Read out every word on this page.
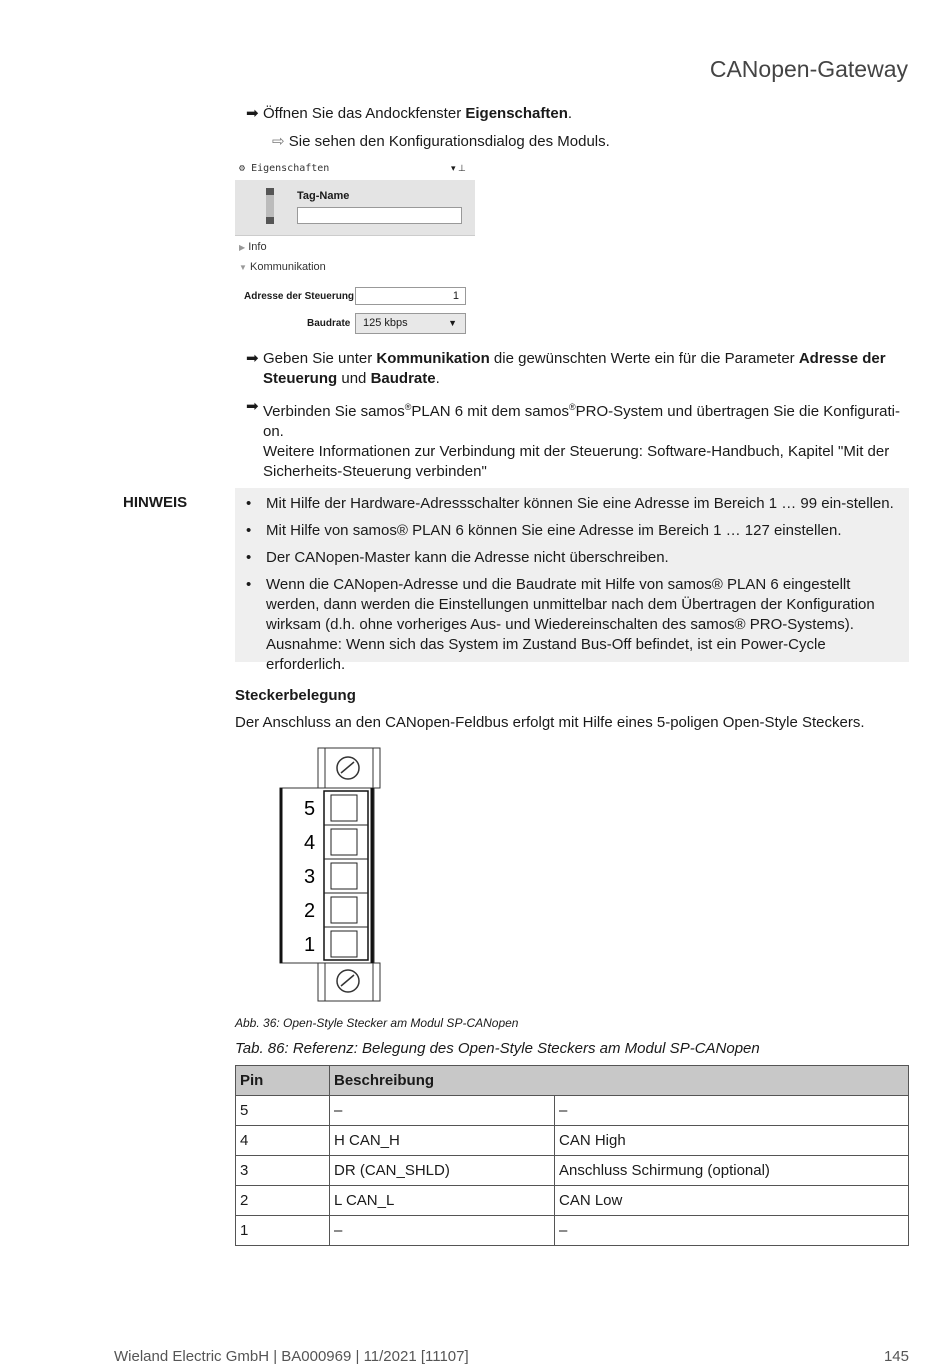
CANopen-Gateway
➡ Öffnen Sie das Andockfenster Eigenschaften.
⇨ Sie sehen den Konfigurationsdialog des Moduls.
⚙ Eigenschaften	▾ ⊥
Tag-Name
▶ Info
▼ Kommunikation
Adresse der Steuerung	1
Baudrate	125 kbps	▼
➡ Geben Sie unter Kommunikation die gewünschten Werte ein für die Parameter Adresse der Steuerung und Baudrate.
➡ Verbinden Sie samos®PLAN 6 mit dem samos®PRO-System und übertragen Sie die Konfigurati-on.
Weitere Informationen zur Verbindung mit der Steuerung: Software-Handbuch, Kapitel "Mit der Sicherheits-Steuerung verbinden"
HINWEIS	• Mit Hilfe der Hardware-Adressschalter können Sie eine Adresse im Bereich 1 … 99 ein-stellen.
• Mit Hilfe von samos® PLAN 6 können Sie eine Adresse im Bereich 1 … 127 einstellen.
• Der CANopen-Master kann die Adresse nicht überschreiben.
• Wenn die CANopen-Adresse und die Baudrate mit Hilfe von samos® PLAN 6 eingestellt werden, dann werden die Einstellungen unmittelbar nach dem Übertragen der Konfiguration wirksam (d.h. ohne vorheriges Aus- und Wiedereinschalten des samos® PRO-Systems). Ausnahme: Wenn sich das System im Zustand Bus-Off befindet, ist ein Power-Cycle erforderlich.
Steckerbelegung
Der Anschluss an den CANopen-Feldbus erfolgt mit Hilfe eines 5-poligen Open-Style Steckers.
5
4
3
2
1
Abb. 36: Open-Style Stecker am Modul SP-CANopen
Tab. 86: Referenz: Belegung des Open-Style Steckers am Modul SP-CANopen
Pin	Beschreibung	
5	–	–
4	H CAN_H	CAN High
3	DR (CAN_SHLD)	Anschluss Schirmung (optional)
2	L CAN_L	CAN Low
1	–	–
Wieland Electric GmbH | BA000969 | 11/2021 [11107]	145
